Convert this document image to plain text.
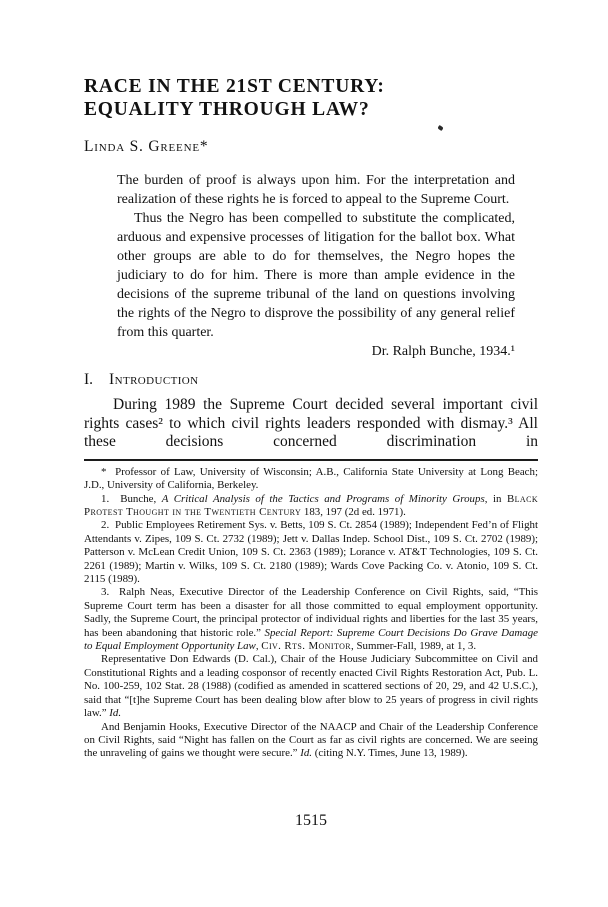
RACE IN THE 21ST CENTURY:
EQUALITY THROUGH LAW?
Linda S. Greene*

The burden of proof is always upon him. For the interpretation and realization of these rights he is forced to appeal to the Supreme Court.

Thus the Negro has been compelled to substitute the complicated, arduous and expensive processes of litigation for the ballot box. What other groups are able to do for themselves, the Negro hopes the judiciary to do for him. There is more than ample evidence in the decisions of the supreme tribunal of the land on questions involving the rights of the Negro to disprove the possibility of any general relief from this quarter.

Dr. Ralph Bunche, 1934.¹

I. Introduction

During 1989 the Supreme Court decided several important civil rights cases² to which civil rights leaders responded with dismay.³ All these decisions concerned discrimination in

*  Professor of Law, University of Wisconsin; A.B., California State University at Long Beach; J.D., University of California, Berkeley.

1.  Bunche, A Critical Analysis of the Tactics and Programs of Minority Groups, in Black Protest Thought in the Twentieth Century 183, 197 (2d ed. 1971).

2.  Public Employees Retirement Sys. v. Betts, 109 S. Ct. 2854 (1989); Independent Fed’n of Flight Attendants v. Zipes, 109 S. Ct. 2732 (1989); Jett v. Dallas Indep. School Dist., 109 S. Ct. 2702 (1989); Patterson v. McLean Credit Union, 109 S. Ct. 2363 (1989); Lorance v. AT&T Technologies, 109 S. Ct. 2261 (1989); Martin v. Wilks, 109 S. Ct. 2180 (1989); Wards Cove Packing Co. v. Atonio, 109 S. Ct. 2115 (1989).

3.  Ralph Neas, Executive Director of the Leadership Conference on Civil Rights, said, “This Supreme Court term has been a disaster for all those committed to equal employment opportunity. Sadly, the Supreme Court, the principal protector of individual rights and liberties for the last 35 years, has been abandoning that historic role.” Special Report: Supreme Court Decisions Do Grave Damage to Equal Employment Opportunity Law, Civ. Rts. Monitor, Summer-Fall, 1989, at 1, 3.

Representative Don Edwards (D. Cal.), Chair of the House Judiciary Subcommittee on Civil and Constitutional Rights and a leading cosponsor of recently enacted Civil Rights Restoration Act, Pub. L. No. 100-259, 102 Stat. 28 (1988) (codified as amended in scattered sections of 20, 29, and 42 U.S.C.), said that “[t]he Supreme Court has been dealing blow after blow to 25 years of progress in civil rights law.” Id.

And Benjamin Hooks, Executive Director of the NAACP and Chair of the Leadership Conference on Civil Rights, said “Night has fallen on the Court as far as civil rights are concerned. We are seeing the unraveling of gains we thought were secure.” Id. (citing N.Y. Times, June 13, 1989).

1515
